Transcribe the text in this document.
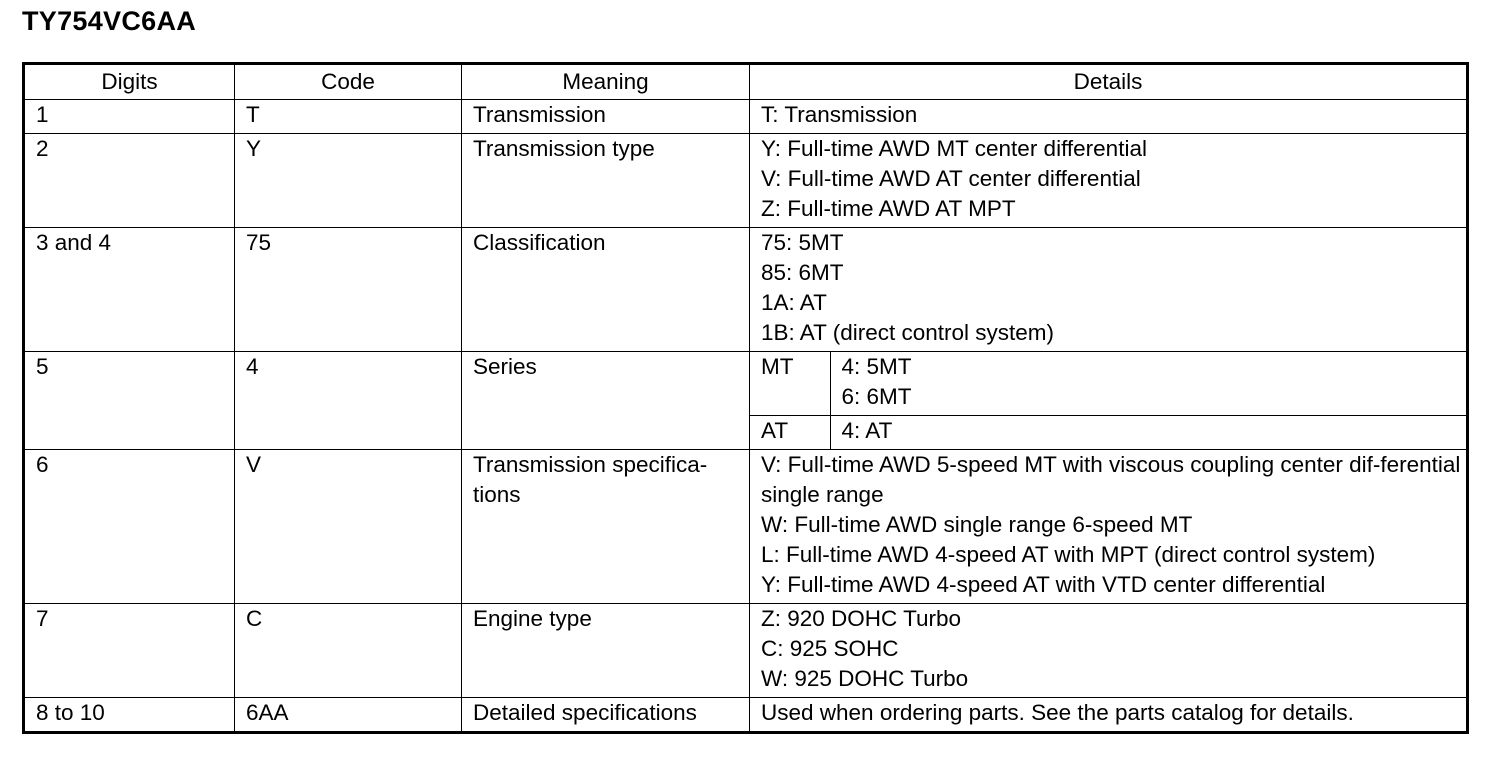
TY754VC6AA
Digits	Code	Meaning	Details
1	T	Transmission	T: Transmission

2	Y	Transmission type	Y: Full-time AWD MT center differential
V: Full-time AWD AT center differential
Z: Full-time AWD AT MPT

3 and 4	75	Classification	75: 5MT
85: 6MT
1A: AT
1B: AT (direct control system)

5	4	Series		MT	4: 5MT
6: 6MT

AT	4: AT

6	V	Transmission specifica-tions	
V: Full-time AWD 5-speed MT with viscous coupling center dif-ferential single range
W: Full-time AWD single range 6-speed MT
L: Full-time AWD 4-speed AT with MPT (direct control system)
Y: Full-time AWD 4-speed AT with VTD center differential

7	C	Engine type	Z: 920 DOHC Turbo
C: 925 SOHC
W: 925 DOHC Turbo

8 to 10	6AA	Detailed specifications	Used when ordering parts. See the parts catalog for details.
